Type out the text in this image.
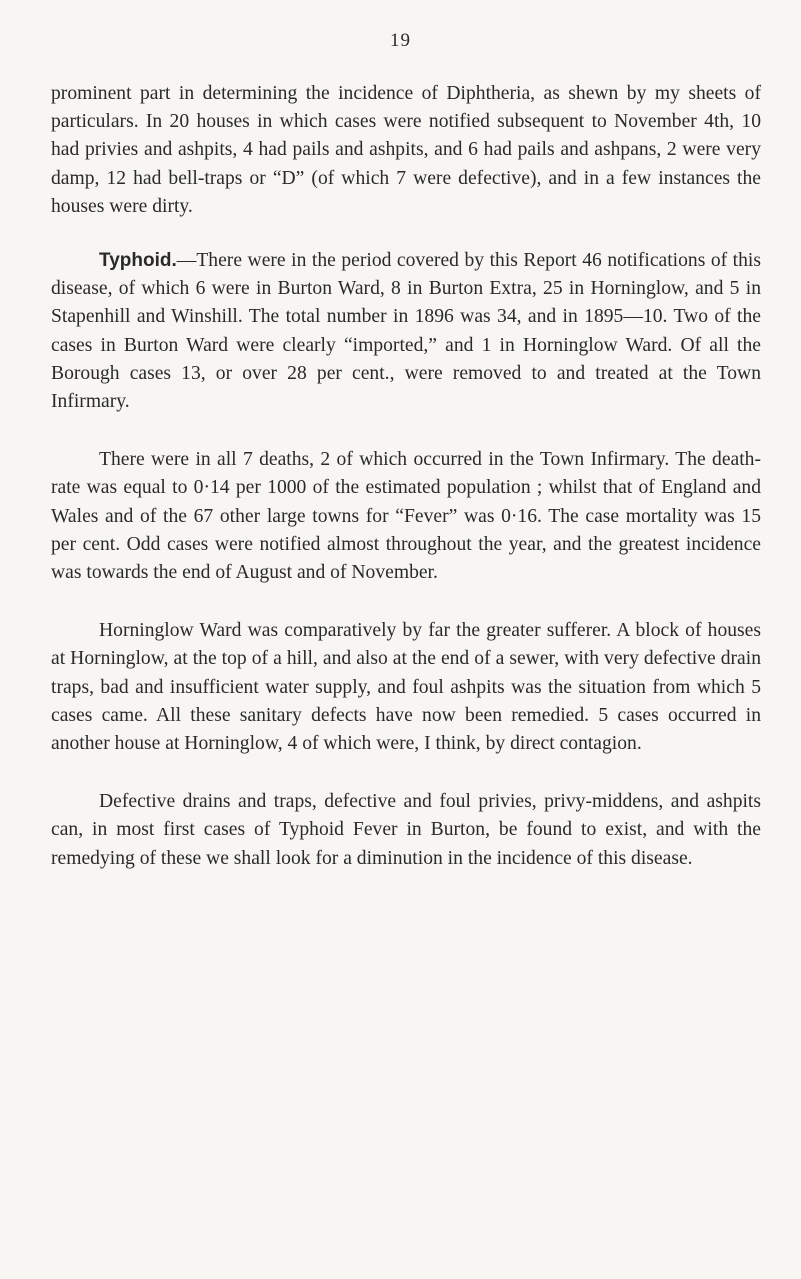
19

prominent part in determining the incidence of Diphtheria, as shewn by my sheets of particulars. In 20 houses in which cases were notified subsequent to November 4th, 10 had privies and ashpits, 4 had pails and ashpits, and 6 had pails and ashpans, 2 were very damp, 12 had bell-traps or “D” (of which 7 were defective), and in a few instances the houses were dirty.

Typhoid.—There were in the period covered by this Report 46 notifications of this disease, of which 6 were in Burton Ward, 8 in Burton Extra, 25 in Horninglow, and 5 in Stapenhill and Winshill. The total number in 1896 was 34, and in 1895—10. Two of the cases in Burton Ward were clearly “imported,” and 1 in Horninglow Ward. Of all the Borough cases 13, or over 28 per cent., were removed to and treated at the Town Infirmary.

There were in all 7 deaths, 2 of which occurred in the Town Infirmary. The death-rate was equal to 0·14 per 1000 of the estimated population ; whilst that of England and Wales and of the 67 other large towns for “Fever” was 0·16. The case mortality was 15 per cent. Odd cases were notified almost throughout the year, and the greatest incidence was towards the end of August and of November.

Horninglow Ward was comparatively by far the greater sufferer. A block of houses at Horninglow, at the top of a hill, and also at the end of a sewer, with very defective drain traps, bad and insufficient water supply, and foul ashpits was the situation from which 5 cases came. All these sanitary defects have now been remedied. 5 cases occurred in another house at Horninglow, 4 of which were, I think, by direct contagion.

Defective drains and traps, defective and foul privies, privy-middens, and ashpits can, in most first cases of Typhoid Fever in Burton, be found to exist, and with the remedying of these we shall look for a diminution in the incidence of this disease.
